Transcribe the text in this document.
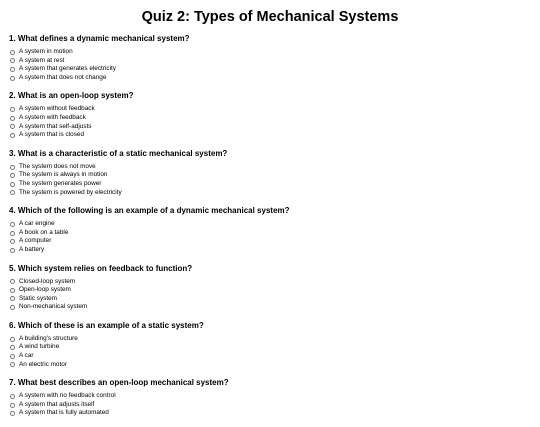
Quiz 2: Types of Mechanical Systems
1. What defines a dynamic mechanical system?
A system in motion
A system at rest
A system that generates electricity
A system that does not change
2. What is an open-loop system?
A system without feedback
A system with feedback
A system that self-adjusts
A system that is closed
3. What is a characteristic of a static mechanical system?
The system does not move
The system is always in motion
The system generates power
The system is powered by electricity
4. Which of the following is an example of a dynamic mechanical system?
A car engine
A book on a table
A computer
A battery
5. Which system relies on feedback to function?
Closed-loop system
Open-loop system
Static system
Non-mechanical system
6. Which of these is an example of a static system?
A building's structure
A wind turbine
A car
An electric motor
7. What best describes an open-loop mechanical system?
A system with no feedback control
A system that adjusts itself
A system that is fully automated
